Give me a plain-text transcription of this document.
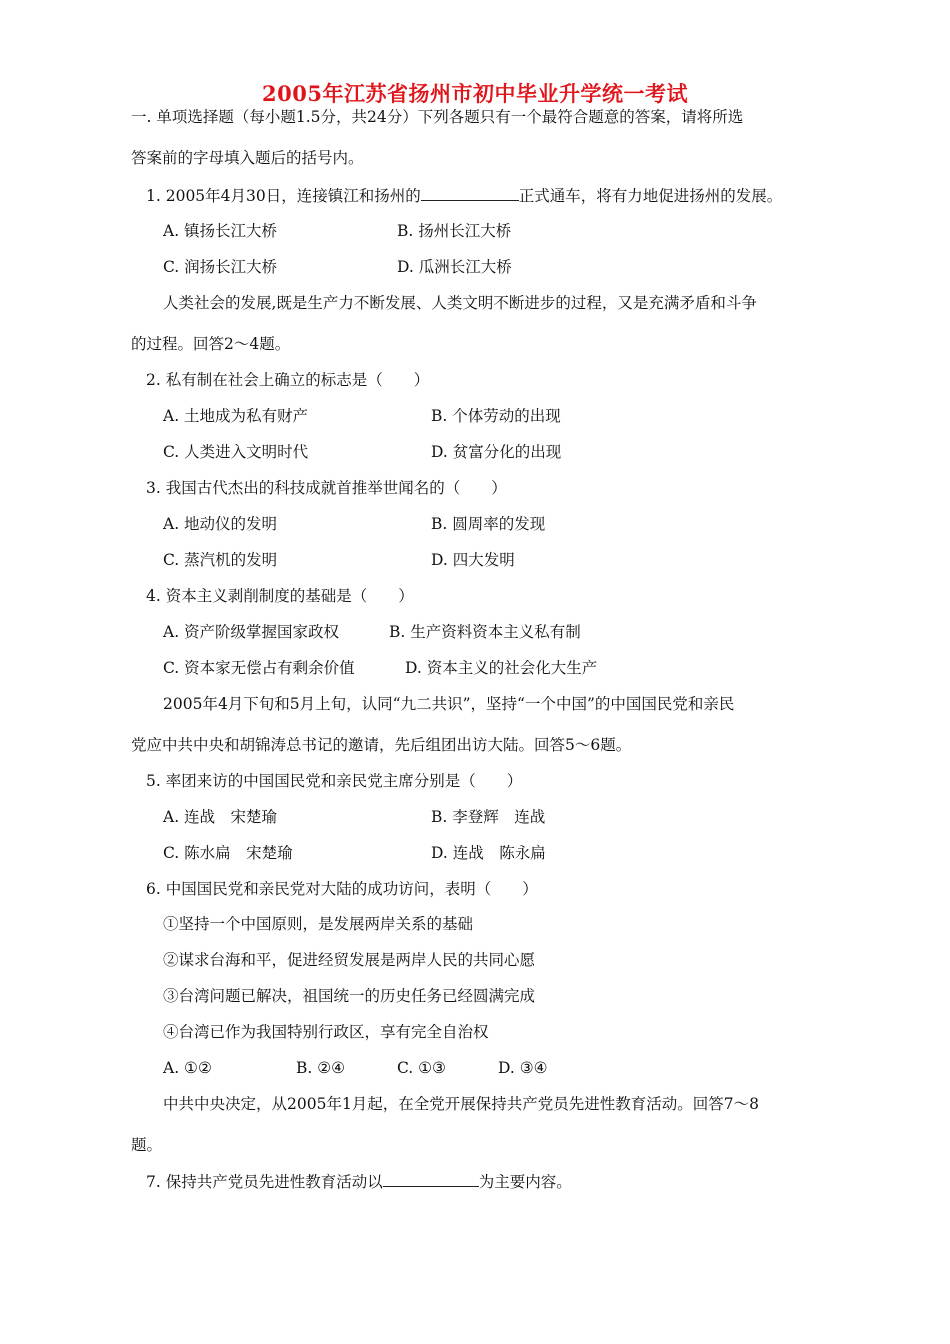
2005年江苏省扬州市初中毕业升学统一考试
一. 单项选择题（每小题1.5分，共24分）下列各题只有一个最符合题意的答案，请将所选
答案前的字母填入题后的括号内。
1. 2005年4月30日，连接镇江和扬州的	正式通车，将有力地促进扬州的发展。
A. 镇扬长江大桥	B. 扬州长江大桥
C. 润扬长江大桥	D. 瓜洲长江大桥
人类社会的发展,既是生产力不断发展、人类文明不断进步的过程，又是充满矛盾和斗争
的过程。回答2～4题。
2. 私有制在社会上确立的标志是（　　）
A. 土地成为私有财产	B. 个体劳动的出现
C. 人类进入文明时代	D. 贫富分化的出现
3. 我国古代杰出的科技成就首推举世闻名的（　　）
A. 地动仪的发明	B. 圆周率的发现
C. 蒸汽机的发明	D. 四大发明
4. 资本主义剥削制度的基础是（　　）
A. 资产阶级掌握国家政权	B. 生产资料资本主义私有制
C. 资本家无偿占有剩余价值	D. 资本主义的社会化大生产
2005年4月下旬和5月上旬，认同“九二共识”，坚持“一个中国”的中国国民党和亲民
党应中共中央和胡锦涛总书记的邀请，先后组团出访大陆。回答5～6题。
5. 率团来访的中国国民党和亲民党主席分别是（　　）
A. 连战　宋楚瑜	B. 李登辉　连战
C. 陈水扁　宋楚瑜	D. 连战　陈永扁
6. 中国国民党和亲民党对大陆的成功访问，表明（　　）
①坚持一个中国原则，是发展两岸关系的基础
②谋求台海和平，促进经贸发展是两岸人民的共同心愿
③台湾问题已解决，祖国统一的历史任务已经圆满完成
④台湾已作为我国特别行政区，享有完全自治权
A. ①②	B. ②④	C. ①③	D. ③④
中共中央决定，从2005年1月起，在全党开展保持共产党员先进性教育活动。回答7～8
题。
7. 保持共产党员先进性教育活动以	为主要内容。
